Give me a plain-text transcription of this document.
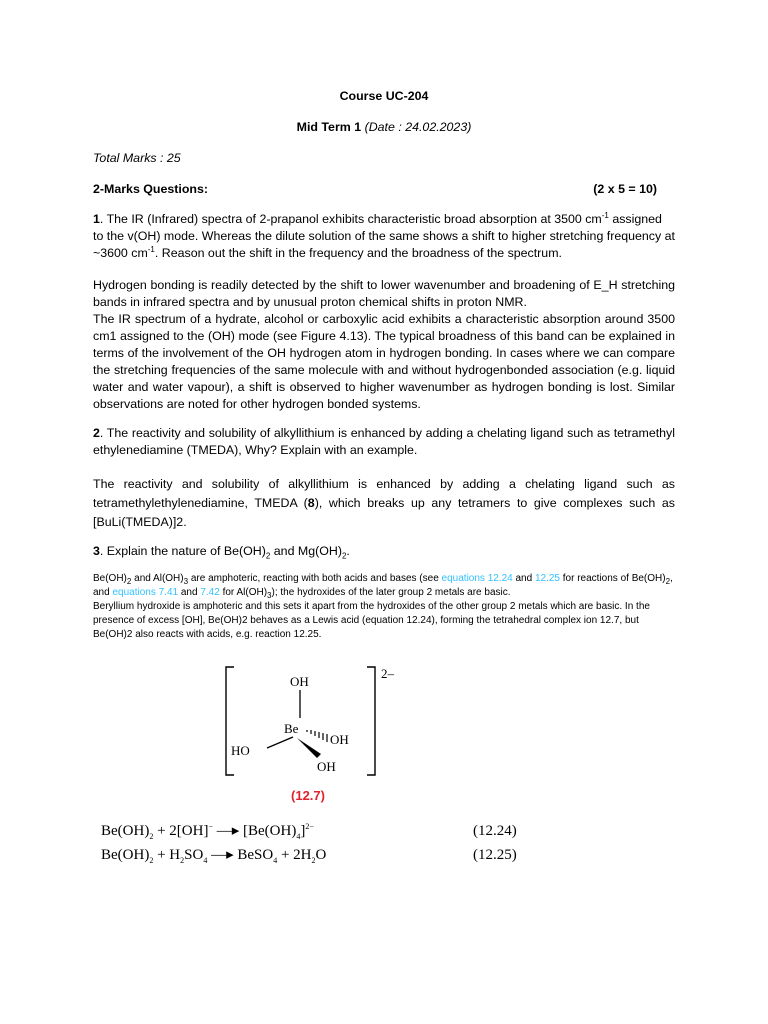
Course UC-204
Mid Term 1 (Date : 24.02.2023)
Total Marks : 25
2-Marks Questions:	(2 x 5 = 10)
1. The IR (Infrared) spectra of 2-prapanol exhibits characteristic broad absorption at 3500 $cm^{-1}$ assigned to the v(OH) mode. Whereas the dilute solution of the same shows a shift to higher stretching frequency at ~3600 $cm^{-1}$. Reason out the shift in the frequency and the broadness of the spectrum.
Hydrogen bonding is readily detected by the shift to lower wavenumber and broadening of E_H stretching bands in infrared spectra and by unusual proton chemical shifts in proton NMR.
The IR spectrum of a hydrate, alcohol or carboxylic acid exhibits a characteristic absorption around 3500 cm1 assigned to the (OH) mode (see Figure 4.13). The typical broadness of this band can be explained in terms of the involvement of the OH hydrogen atom in hydrogen bonding. In cases where we can compare the stretching frequencies of the same molecule with and without hydrogenbonded association (e.g. liquid water and water vapour), a shift is observed to higher wavenumber as hydrogen bonding is lost. Similar observations are noted for other hydrogen bonded systems.
2. The reactivity and solubility of alkyllithium is enhanced by adding a chelating ligand such as tetramethyl ethylenediamine (TMEDA), Why? Explain with an example.
The reactivity and solubility of alkyllithium is enhanced by adding a chelating ligand such as tetramethylethylenediamine, TMEDA (8), which breaks up any tetramers to give complexes such as [BuLi(TMEDA)]2.
3. Explain the nature of $Be(OH)_2$ and $Mg(OH)_2$.
$Be(OH)_2$ and $Al(OH)_3$ are amphoteric, reacting with both acids and bases (see equations 12.24 and 12.25 for reactions of $Be(OH)_2$, and equations 7.41 and 7.42 for $Al(OH)_3$); the hydroxides of the later group 2 metals are basic.
Beryllium hydroxide is amphoteric and this sets it apart from the hydroxides of the other group 2 metals which are basic. In the presence of excess [OH], Be(OH)2 behaves as a Lewis acid (equation 12.24), forming the tetrahedral complex ion 12.7, but Be(OH)2 also reacts with acids, e.g. reaction 12.25.
2–
OH
Be
HO
OH
OH
(12.7)
$Be(OH)_2 + 2[OH]^-$ —▸ $[Be(OH)_4]^{2-}$	(12.24)
$Be(OH)_2 + H_2SO_4$ —▸ BeSO$_4$ + $2H_2O$	(12.25)
